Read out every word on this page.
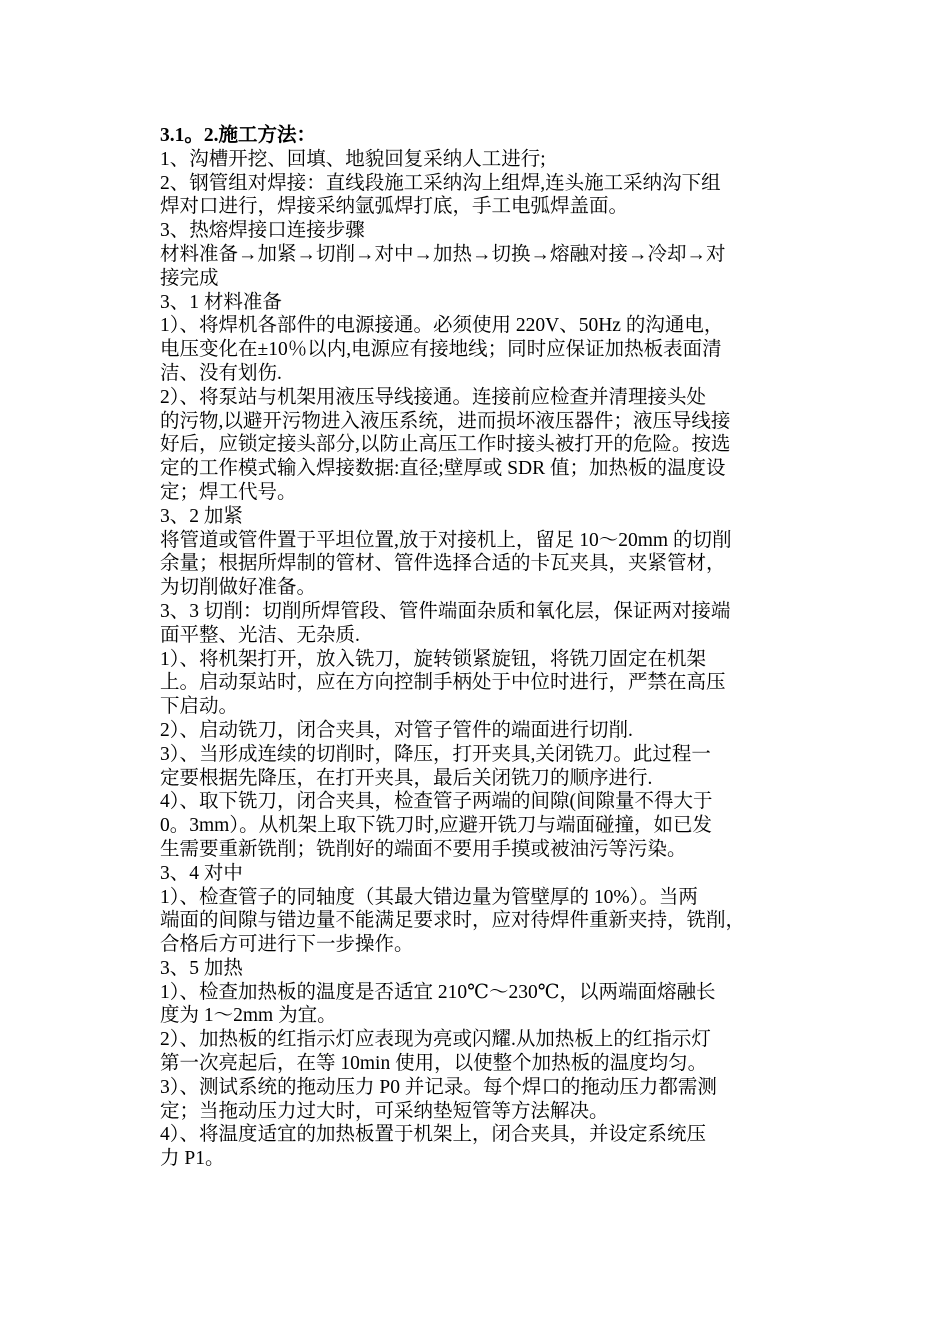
3.1。2.施工方法：
1、沟槽开挖、回填、地貌回复采纳人工进行;
2、钢管组对焊接：直线段施工采纳沟上组焊,连头施工采纳沟下组
焊对口进行，焊接采纳氩弧焊打底，手工电弧焊盖面。
3、热熔焊接口连接步骤
材料准备→加紧→切削→对中→加热→切换→熔融对接→冷却→对
接完成
3、1 材料准备
1）、将焊机各部件的电源接通。必须使用 220V、50Hz 的沟通电，
电压变化在±10％以内,电源应有接地线；同时应保证加热板表面清
洁、没有划伤.
2）、将泵站与机架用液压导线接通。连接前应检查并清理接头处
的污物,以避开污物进入液压系统，进而损坏液压器件；液压导线接
好后，应锁定接头部分,以防止高压工作时接头被打开的危险。按选
定的工作模式输入焊接数据:直径;壁厚或 SDR 值；加热板的温度设
定；焊工代号。
3、2 加紧
将管道或管件置于平坦位置,放于对接机上，留足 10～20mm 的切削
余量；根据所焊制的管材、管件选择合适的卡瓦夹具，夹紧管材，
为切削做好准备。
3、3 切削：切削所焊管段、管件端面杂质和氧化层，保证两对接端
面平整、光洁、无杂质.
1）、将机架打开，放入铣刀，旋转锁紧旋钮，将铣刀固定在机架
上。启动泵站时，应在方向控制手柄处于中位时进行，严禁在高压
下启动。
2）、启动铣刀，闭合夹具，对管子管件的端面进行切削.
3）、当形成连续的切削时，降压，打开夹具,关闭铣刀。此过程一
定要根据先降压，在打开夹具，最后关闭铣刀的顺序进行.
4）、取下铣刀，闭合夹具，检查管子两端的间隙(间隙量不得大于
0。3mm）。从机架上取下铣刀时,应避开铣刀与端面碰撞，如已发
生需要重新铣削；铣削好的端面不要用手摸或被油污等污染。
3、4 对中
1）、检查管子的同轴度（其最大错边量为管壁厚的 10%）。当两
端面的间隙与错边量不能满足要求时，应对待焊件重新夹持，铣削，
合格后方可进行下一步操作。
3、5 加热
1）、检查加热板的温度是否适宜 210℃～230℃，以两端面熔融长
度为 1～2mm 为宜。
2）、加热板的红指示灯应表现为亮或闪耀.从加热板上的红指示灯
第一次亮起后，在等 10min 使用，以使整个加热板的温度均匀。
3）、测试系统的拖动压力 P0 并记录。每个焊口的拖动压力都需测
定；当拖动压力过大时，可采纳垫短管等方法解决。
4）、将温度适宜的加热板置于机架上，闭合夹具，并设定系统压
力 P1。
